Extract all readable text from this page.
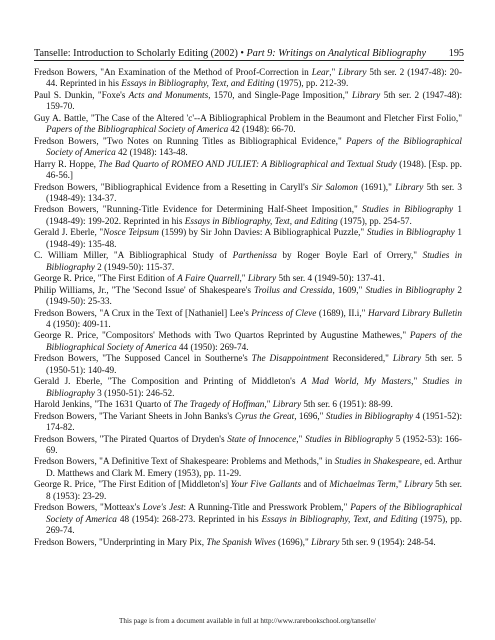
Tanselle: Introduction to Scholarly Editing (2002) • Part 9: Writings on Analytical Bibliography 195

Fredson Bowers, "An Examination of the Method of Proof-Correction in Lear," Library 5th ser. 2 (1947-48): 20-44. Reprinted in his Essays in Bibliography, Text, and Editing (1975), pp. 212-39.

Paul S. Dunkin, "Foxe's Acts and Monuments, 1570, and Single-Page Imposition," Library 5th ser. 2 (1947-48): 159-70.

Guy A. Battle, "The Case of the Altered 'c'--A Bibliographical Problem in the Beaumont and Fletcher First Folio," Papers of the Bibliographical Society of America 42 (1948): 66-70.

Fredson Bowers, "Two Notes on Running Titles as Bibliographical Evidence," Papers of the Bibliographical Society of America 42 (1948): 143-48.

Harry R. Hoppe, The Bad Quarto of ROMEO AND JULIET: A Bibliographical and Textual Study (1948). [Esp. pp. 46-56.]

Fredson Bowers, "Bibliographical Evidence from a Resetting in Caryll's Sir Salomon (1691)," Library 5th ser. 3 (1948-49): 134-37.

Fredson Bowers, "Running-Title Evidence for Determining Half-Sheet Imposition," Studies in Bibliography 1 (1948-49): 199-202. Reprinted in his Essays in Bibliography, Text, and Editing (1975), pp. 254-57.

Gerald J. Eberle, "Nosce Teipsum (1599) by Sir John Davies: A Bibliographical Puzzle," Studies in Bibliography 1 (1948-49): 135-48.

C. William Miller, "A Bibliographical Study of Parthenissa by Roger Boyle Earl of Orrery," Studies in Bibliography 2 (1949-50): 115-37.

George R. Price, "The First Edition of A Faire Quarrell," Library 5th ser. 4 (1949-50): 137-41.

Philip Williams, Jr., "The 'Second Issue' of Shakespeare's Troilus and Cressida, 1609," Studies in Bibliography 2 (1949-50): 25-33.

Fredson Bowers, "A Crux in the Text of [Nathaniel] Lee's Princess of Cleve (1689), II.i," Harvard Library Bulletin 4 (1950): 409-11.

George R. Price, "Compositors' Methods with Two Quartos Reprinted by Augustine Mathewes," Papers of the Bibliographical Society of America 44 (1950): 269-74.

Fredson Bowers, "The Supposed Cancel in Southerne's The Disappointment Reconsidered," Library 5th ser. 5 (1950-51): 140-49.

Gerald J. Eberle, "The Composition and Printing of Middleton's A Mad World, My Masters," Studies in Bibliography 3 (1950-51): 246-52.

Harold Jenkins, "The 1631 Quarto of The Tragedy of Hoffman," Library 5th ser. 6 (1951): 88-99.

Fredson Bowers, "The Variant Sheets in John Banks's Cyrus the Great, 1696," Studies in Bibliography 4 (1951-52): 174-82.

Fredson Bowers, "The Pirated Quartos of Dryden's State of Innocence," Studies in Bibliography 5 (1952-53): 166-69.

Fredson Bowers, "A Definitive Text of Shakespeare: Problems and Methods," in Studies in Shakespeare, ed. Arthur D. Matthews and Clark M. Emery (1953), pp. 11-29.

George R. Price, "The First Edition of [Middleton's] Your Five Gallants and of Michaelmas Term," Library 5th ser. 8 (1953): 23-29.

Fredson Bowers, "Motteax's Love's Jest: A Running-Title and Presswork Problem," Papers of the Bibliographical Society of America 48 (1954): 268-273. Reprinted in his Essays in Bibliography, Text, and Editing (1975), pp. 269-74.

Fredson Bowers, "Underprinting in Mary Pix, The Spanish Wives (1696)," Library 5th ser. 9 (1954): 248-54.

This page is from a document available in full at http://www.rarebookschool.org/tanselle/
